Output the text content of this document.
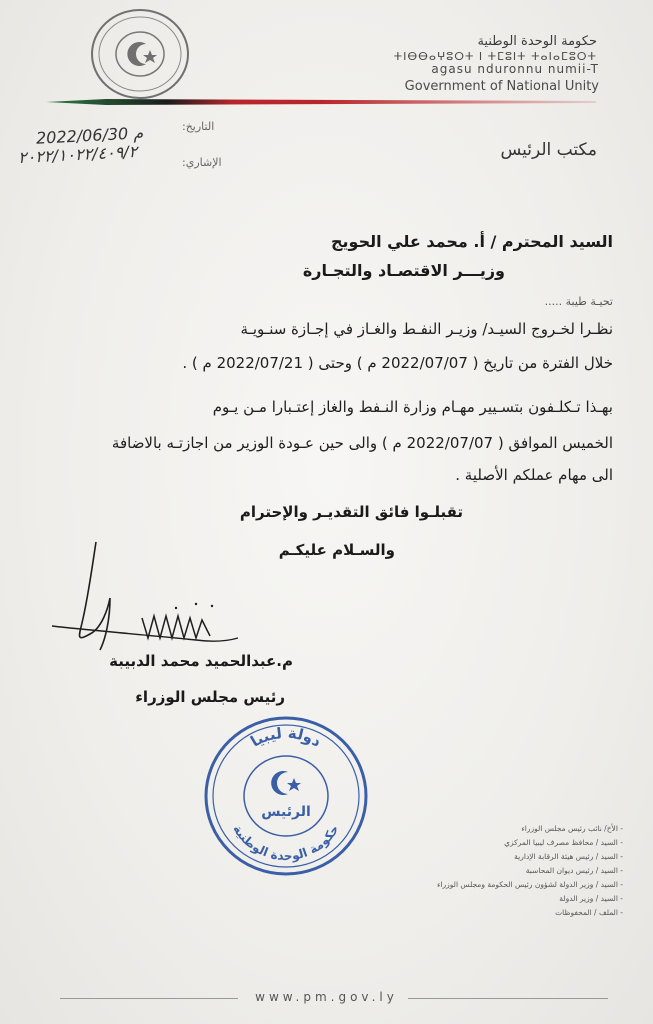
حكومة الوحدة الوطنية
ⵜⵏⴱⴱⴰⵖⵓⵔⵜ ⵏ ⵜⵎⵓⵏⵜ ⵜⴰⵏⴰⵎⵓⵔⵜ
agasu nduronnu numii-T
Government of National Unity
مكتب الرئيس
التاريخ:
الإشاري:
2022/06/30 م
٢٠٢٢/١٠٢٢/٤٠٩/٢
السيد المحترم / أ. محمد علي الحويج
وزيـــر الاقتصـاد والتجـارة
تحيـة طيبة .....
نظـرا لخـروج السيـد/ وزيـر النفـط والغـاز في إجـازة سنـويـة
خلال الفترة من تاريخ ( 2022/07/07 م ) وحتى ( 2022/07/21 م ) .
بهـذا تـكلـفون بتسـيير مهـام وزارة النـفط والغاز إعتـبارا مـن يـوم
الخميس الموافق ( 2022/07/07 م ) والى حين عـودة الوزير من اجازتـه بالاضافة
الى مهام عملكم الأصلية .
تقبلـوا فائق التقديـر والإحترام
والسـلام عليكـم
م.عبدالحميد محمد الدبيبة
رئيس مجلس الوزراء
دولة ليبيا
حكومة الوحدة الوطنية
الرئيس
- الأخ/ نائب رئيس مجلس الوزراء
- السيد / محافظ مصرف ليبيا المركزي
- السيد / رئيس هيئة الرقابة الإدارية
- السيد / رئيس ديوان المحاسبة
- السيد / وزير الدولة لشؤون رئيس الحكومة ومجلس الوزراء
- السيد / وزير الدولة
- الملف / المحفوظات
www.pm.gov.ly
